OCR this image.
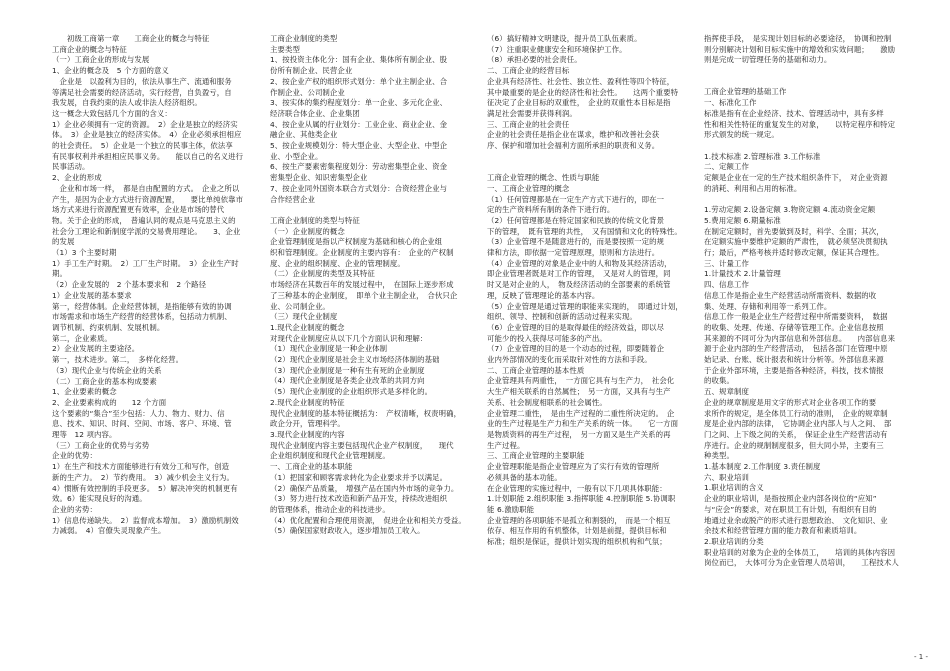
　　初级工商第一章　　工商企业的概念与特征
工商企业的概念与特征
（一）工商企业的形成与发展
1、企业的概念及　5 个方面的意义
　企业是　以盈利为目的，依法从事生产、流通和服务
等满足社会需要的经济活动，实行经营，自负盈亏，自
我发展，自我约束的法人或非法人经济组织。
这一概念大致包括几个方面的含义：
1）企业必须拥有一定的资源。　2）企业是独立的经济实
体。　3）企业是独立的经济实体。　4）企业必须承担相应
的社会责任。　5）企业是一个独立的民事主体，依法享
有民事权利并承担相应民事义务。　　能以自己的名义进行
民事活动。
2、企业的形成
　企业和市场一样，　都是自由配置的方式。　企业之所以
产生，是因为企业方式进行资源配置，　　要比单纯依靠市
场方式来进行资源配置更有效率，企业是市场的替代
物。关于企业的形成，　普遍认同的观点是马克思主义的
社会分工理论和新制度学派的交易费用理论。　　3、企业
的发展
（1）3 个主要时期
1）手工生产时期。　2）工厂生产时期。　3）企业生产时
期。
（2）企业发展的　2 个基本要求和　2 个路径
1）企业发展的基本要求
第一，经营体制。企业经营体制，是指能够有效的协调
市场需求和市场生产经营的经营体系，包括动力机制、
调节机制、约束机制、发展机制。
第二，企业素质。
2）企业发展的主要途径。
第一，技术进步。第二，　多样化经营。
（3）现代企业与传统企业的关系
（二）工商企业的基本构成要素
1、企业要素的概念
2、企业要素构成的　　12 个方面
这个要素的“集合”至少包括：人力、物力、财力、信
息、技术、知识、时间、空间、市场、客户、环境、管
理等　12 项内容。
（三）工商企业的优势与劣势
企业的优势：
1）在生产和技术方面能够进行有效分工和写作，创造
新的生产力。　2）节约费用。　3）减少机会主义行为。
4）惯断有效控制的手段更多。　5）解决冲突的机制更有
效。6）能实现良好的沟通。
企业的劣势：
1）信息传递缺失。　2）监督成本增加。　3）激励机制效
力减弱。　4）官僚失灵现象产生。
工商企业制度的类型
主要类型
1、按投资主体化分：国有企业、集体所有制企业、股
份所有制企业、民营企业
2、按企业产权的组织形式划分：单个业主制企业、合
作制企业、公司制企业
3、按实体的集约程度划分：单一企业、多元化企业、
经济联合体企业、企业集团
4、按企业从属的行业划分：工业企业、商业企业、金
融企业、其他类企业
5、按企业规模划分：特大型企业、大型企业、中型企
业、小型企业。
6、按生产要素密集程度划分：劳动密集型企业、资金
密集型企业、知识密集型企业
7、按企业同外国资本联合方式划分：合资经营企业与
合作经营企业
工商企业制度的类型与特征
（一）企业制度的概念
企业管理制度是指以产权制度为基础和核心的企业组
织和管理制度。企业制度的主要内容有：　企业的产权制
度、企业的组织制度、企业的管理制度。
（二）企业制度的类型及其特征
市场经济在其数百年的发展过程中，　在国际上逐步形成
了三种基本的企业制度，　即单个业主制企业，　合伙只企
业、公司制企业。
（三）现代企业制度
1.现代企业制度的概念
对现代企业制度应从以下几个方面认识和理解：
（1）现代企业制度是一种企业体制
（2）现代企业制度是社会主义市场经济体制的基础
（3）现代企业制度是一种有生有死的企业制度
（4）现代企业制度是各类企业改革的共同方向
（5）现代企业制度的企业组织形式是多样化的。
2.现代企业制度的特征
现代企业制度的基本特征概括为：　产权清晰，权责明确，
政企分开，管理科学。
3.现代企业制度的内容
现代企业制度内容主要包括现代企业产权制度，　　现代
企业组织制度和现代企业管理制度。
一、工商企业的基本职能
（1）把国家和顾客需求转化为企业要求并予以满足。
（2）确保产品质量，　增强产品在国内外市场的竞争力。
（3）努力进行技术改造和新产品开发，持续改进组织
的管理体系，推动企业的科技进步。
（4）优化配置和合理使用资源，　促进企业和相关方受益。
（5）确保国家财政收入，逐步增加员工收入。
（6）搞好精神文明建设，提升员工队伍素质。
（7）注重职业健康安全和环境保护工作。
（8）承担必要的社会责任。
二、工商企业的经营目标
企业具有经济性、社会性、独立性、盈利性等四个特征，
其中最重要的是企业的经济性和社会性。　　这两个重要特
征决定了企业目标的双重性，　企业的双重性本目标是指
满足社会需要并获得利润。
三、工商企业的社会责任
企业的社会责任是指企业在谋求，维护和改善社会获
序、保护和增加社会福利方面所承担的职责和义务。
工商企业管理的概念、性质与职能
一、工商企业管理的概念
（1）任何管理都是在一定生产方式下进行的，即在一
定的生产资料所有制的条件下进行的。
（2）任何管理都是在特定国家和民族的传统文化背景
下的管理，　既有管理的共性，　又有国情和文化的特殊性。
（3）企业管理不是随意进行的，而是要按照一定的规
律和方法，即依据一定管理原理，原则和方法进行。
（4）企业管理的对象是企业中的人和物及其经济活动，
即企业管理者既是对工作的管理，　又是对人的管理，同
时又是对企业的人，　物及经济活动的全部要素的系统管
理，反映了管理理论的基本内容。
（5）企业管理是通过管理的职能来实现的，　即通过计划，
组织、领导、控制和创新的活动过程来实现。
（6）企业管理的目的是取得最佳的经济效益，即以尽
可能少的投入获得尽可能多的产出。
（7）企业管理的目的是一个动态的过程，即要随着企
业内外部情况的变化而采取针对性的方法和手段。
二、工商企业管理的基本性质
企业管理具有两重性，　一方面它具有与生产力，　社会化
大生产相关联系的自然属性；　另一方面，又具有与生产
关系、社会制度相联系的社会属性。
企业管理二重性，　是由生产过程的二重性所决定的。　企
业的生产过程是生产力和生产关系的统一体。　　它一方面
是物质资料的再生产过程，　另一方面又是生产关系的再
生产过程。
三、工商企业管理的主要职能
企业管理职能是指企业管理应为了实行有效的管理所
必须具备的基本功能。
在企业管理的实施过程中，一般有以下几项具体职能：
1.计划职能 2.组织职能 3.指挥职能 4.控制职能 5.协调职
能 6.激励职能
企业管理的各项职能不是孤立和割裂的，　而是一个相互
依存、相互作用的有机整体，计划是前提，提供目标和
标准；组织是保证，提供计划实现的组织机构和气氛；
指挥使手段，　是实现计划目标的必要途径，　协调和控制
则分别解决计划和目标实施中的增效和实效问题；　　激励
则是完成一切管理任务的基础和动力。
工商企业管理的基础工作
一、标准化工作
标准是指有在企业经济、技术、管理活动中，具有多样
性和相关性特征的重复发生的对象，　　以特定程序和特定
形式颁发的统一规定。
1.技术标准 2.管理标准 3.工作标准
二、定额工作
定额是企业在一定的生产技术组织条件下，　对企业资源
的消耗、利用和占用的标准。
1.劳动定额 2.设备定额 3.物资定额 4.流动资金定额
5.费用定额 6.期量标准
在制定定额时，首先要做到及时，科学、全面；其次，
在定额实施中要维护定额的严肃性，　就必须坚决贯彻执
行；最后，严格考核并适时修改定额，保证其合理性。
三、计量工作
1.计量技术 2.计量管理
四、信息工作
信息工作是指企业生产经营活动所需资料、数据的收
集、处理、存储和利用等一系列工作。
信息工作一般是企业生产经营过程中所需要资料，　数据
的收集、处理、传递、存储等管理工作。企业信息按照
其来源的不同可分为内部信息和外部信息。　　内部信息来
源于企业内部的生产经营活动，　包括各部门在管理中原
始记录、台账、统计报表和统计分析等。外部信息来源
于企业外部环境，主要是指各种经济，科技，技术情报
的收集。
五、规章制度
企业的规章制度是用文字的形式对企业各项工作的要
求所作的规定，是全体员工行动的准则，　企业的规章制
度是企业内部的法律，　它协调企业内部人与人之间、　部
门之间、上下级之间的关系，　保证企业生产经营活动有
序进行。企业的规制制度很多，但大同小异，主要有三
种类型。
1.基本制度 2.工作制度 3.责任制度
六、职业培训
1.职业培训的含义
企业的职业培训，是指按照企业内部各岗位的“应知”
与“应会”的要求，对在职员工有计划，有组织有目的
地通过业余或脱产的形式进行思想政治、　文化知识、业
余技术和经营管理方面的能力教育和素质培训。
2.职业培训的分类
职业培训的对象为企业的全体员工，　　培训的具体内容因
岗位而已，　大体可分为企业管理人员培训，　　工程技术人
- 1 -
